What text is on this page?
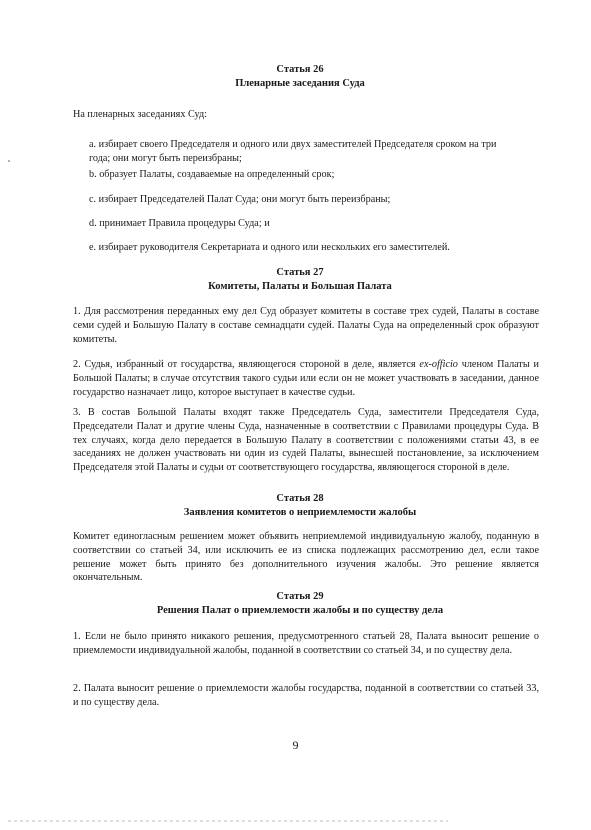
Статья 26
Пленарные заседания Суда
На пленарных заседаниях Суд:
a. избирает своего Председателя и одного или двух заместителей Председателя сроком на три
года; они могут быть переизбраны;
b. образует Палаты, создаваемые на определенный срок;
c. избирает Председателей Палат Суда; они могут быть переизбраны;
d. принимает Правила процедуры Суда; и
e. избирает руководителя Секретариата и одного или нескольких его заместителей.
Статья 27
Комитеты, Палаты и Большая Палата
1. Для рассмотрения переданных ему дел Суд образует комитеты в составе трех судей, Палаты в составе семи судей и Большую Палату в составе семнадцати судей. Палаты Суда на определенный срок образуют комитеты.
2. Судья, избранный от государства, являющегося стороной в деле, является ex-officio членом Палаты и Большой Палаты; в случае отсутствия такого судьи или если он не может участвовать в заседании, данное государство назначает лицо, которое выступает в качестве судьи.
3. В состав Большой Палаты входят также Председатель Суда, заместители Председателя Суда, Председатели Палат и другие члены Суда, назначенные в соответствии с Правилами процедуры Суда. В тех случаях, когда дело передается в Большую Палату в соответствии с положениями статьи 43, в ее заседаниях не должен участвовать ни один из судей Палаты, вынесшей постановление, за исключением Председателя этой Палаты и судьи от соответствующего государства, являющегося стороной в деле.
Статья 28
Заявления комитетов о неприемлемости жалобы
Комитет единогласным решением может объявить неприемлемой индивидуальную жалобу, поданную в соответствии со статьей 34, или исключить ее из списка подлежащих рассмотрению дел, если такое решение может быть принято без дополнительного изучения жалобы. Это решение является окончательным.
Статья 29
Решения Палат о приемлемости жалобы и по существу дела
1. Если не было принято никакого решения, предусмотренного статьей 28, Палата выносит решение о приемлемости индивидуальной жалобы, поданной в соответствии со статьей 34, и по существу дела.
2. Палата выносит решение о приемлемости жалобы государства, поданной в соответствии со статьей 33, и по существу дела.
9
